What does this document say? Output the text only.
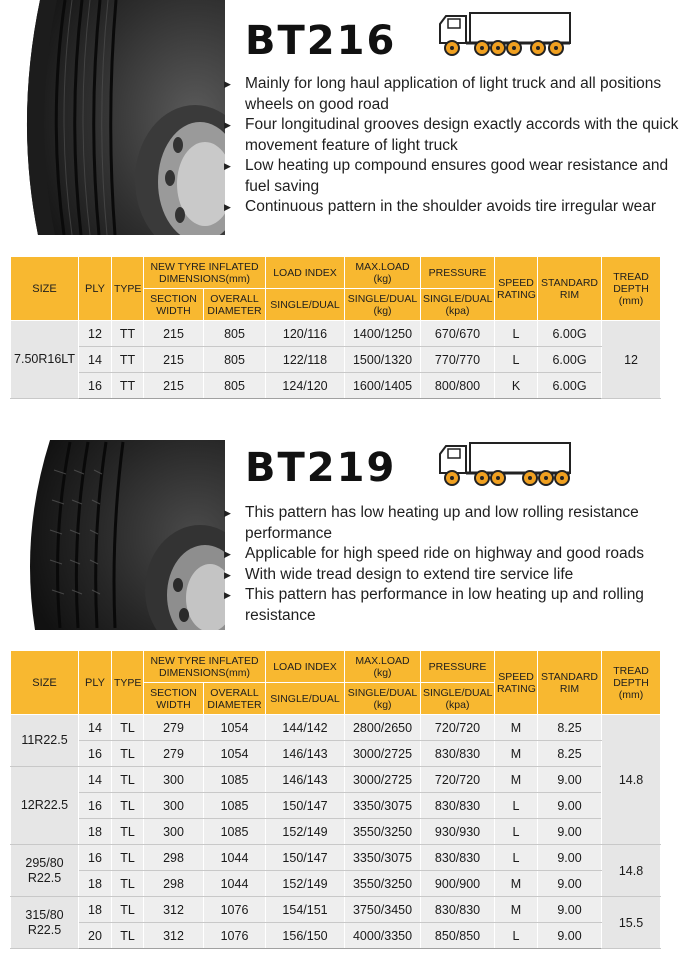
BT216
▶ Mainly for long haul application of light truck and all positions wheels on good road
▶ Four longitudinal grooves design exactly accords with the quick movement feature of light truck
▶ Low heating up compound ensures good wear resistance and fuel saving
▶ Continuous pattern in the shoulder avoids tire irregular wear
SIZE	PLY	TYPE	NEW TYRE INFLATED DIMENSIONS(mm)		LOAD INDEX	MAX.LOAD (kg)	PRESSURE	SPEED RATING	STANDARD RIM	TREAD DEPTH (mm)
			SECTION WIDTH	OVERALL DIAMETER	SINGLE/DUAL	SINGLE/DUAL (kg)	SINGLE/DUAL (kpa)			
7.50R16LT	12	TT	215	805	120/116	1400/1250	670/670	L	6.00G	12
	14	TT	215	805	122/118	1500/1320	770/770	L	6.00G	
	16	TT	215	805	124/120	1600/1405	800/800	K	6.00G	
BT219
▶ This pattern has low heating up and low rolling resistance performance
▶ Applicable for high speed ride on highway and good roads
▶ With wide tread design to extend tire service life
▶ This pattern has performance in low heating up and rolling resistance
SIZE	PLY	TYPE	NEW TYRE INFLATED DIMENSIONS(mm)		LOAD INDEX	MAX.LOAD (kg)	PRESSURE	SPEED RATING	STANDARD RIM	TREAD DEPTH (mm)
			SECTION WIDTH	OVERALL DIAMETER	SINGLE/DUAL	SINGLE/DUAL (kg)	SINGLE/DUAL (kpa)			
11R22.5	14	TL	279	1054	144/142	2800/2650	720/720	M	8.25	14.8
	16	TL	279	1054	146/143	3000/2725	830/830	M	8.25	
12R22.5	14	TL	300	1085	146/143	3000/2725	720/720	M	9.00	
	16	TL	300	1085	150/147	3350/3075	830/830	L	9.00	
	18	TL	300	1085	152/149	3550/3250	930/930	L	9.00	
295/80 R22.5	16	TL	298	1044	150/147	3350/3075	830/830	L	9.00	14.8
	18	TL	298	1044	152/149	3550/3250	900/900	M	9.00	
315/80 R22.5	18	TL	312	1076	154/151	3750/3450	830/830	M	9.00	15.5
	20	TL	312	1076	156/150	4000/3350	850/850	L	9.00	
